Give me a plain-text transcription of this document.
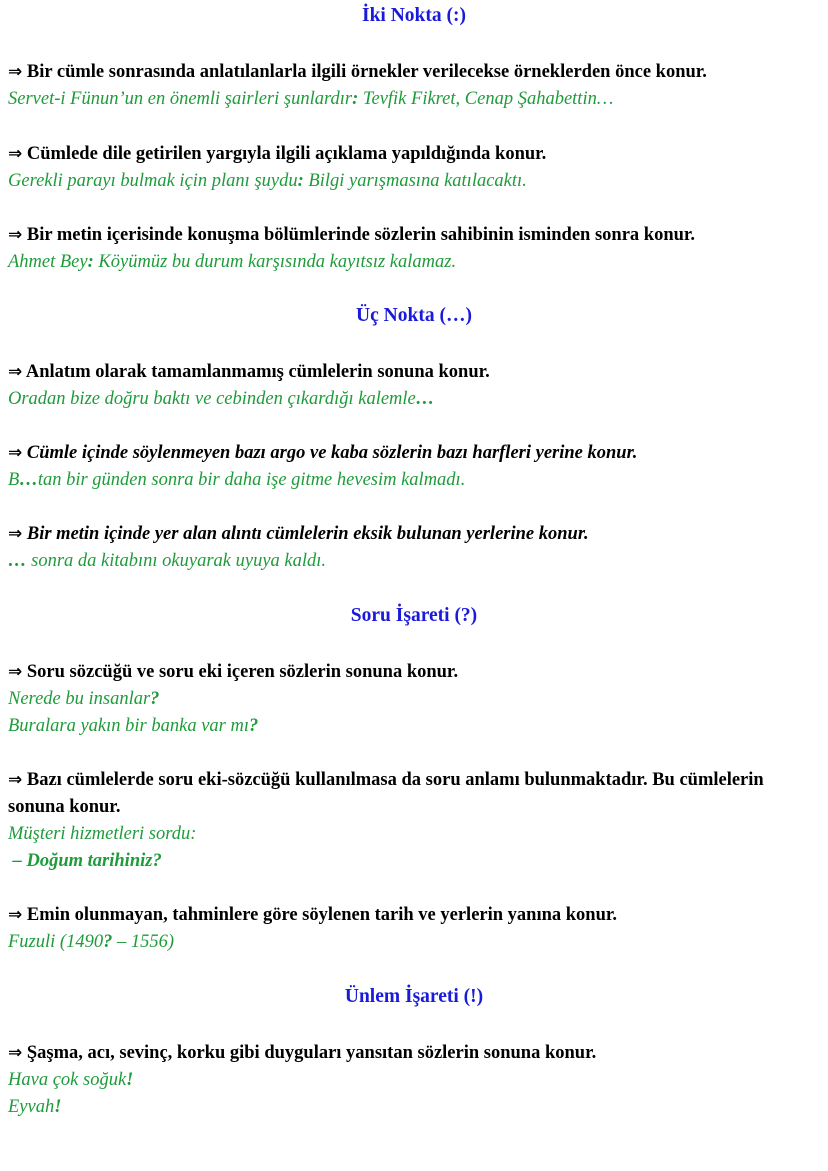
İki Nokta (:)
⇒ Bir cümle sonrasında anlatılanlarla ilgili örnekler verilecekse örneklerden önce konur.
Servet-i Fünun’un en önemli şairleri şunlardır: Tevfik Fikret, Cenap Şahabettin…
⇒ Cümlede dile getirilen yargıyla ilgili açıklama yapıldığında konur.
Gerekli parayı bulmak için planı şuydu: Bilgi yarışmasına katılacaktı.
⇒ Bir metin içerisinde konuşma bölümlerinde sözlerin sahibinin isminden sonra konur.
Ahmet Bey: Köyümüz bu durum karşısında kayıtsız kalamaz.
Üç Nokta (…)
⇒ Anlatım olarak tamamlanmamış cümlelerin sonuna konur.
Oradan bize doğru baktı ve cebinden çıkardığı kalemle…
⇒ Cümle içinde söylenmeyen bazı argo ve kaba sözlerin bazı harfleri yerine konur.
B…tan bir günden sonra bir daha işe gitme hevesim kalmadı.
⇒ Bir metin içinde yer alan alıntı cümlelerin eksik bulunan yerlerine konur.
… sonra da kitabını okuyarak uyuya kaldı.
Soru İşareti (?)
⇒ Soru sözcüğü ve soru eki içeren sözlerin sonuna konur.
Nerede bu insanlar?
Buralara yakın bir banka var mı?
⇒ Bazı cümlelerde soru eki-sözcüğü kullanılmasa da soru anlamı bulunmaktadır. Bu cümlelerin
sonuna konur.
Müşteri hizmetleri sordu:
– Doğum tarihiniz?
⇒ Emin olunmayan, tahminlere göre söylenen tarih ve yerlerin yanına konur.
Fuzuli (1490? – 1556)
Ünlem İşareti (!)
⇒ Şaşma, acı, sevinç, korku gibi duyguları yansıtan sözlerin sonuna konur.
Hava çok soğuk!
Eyvah!
